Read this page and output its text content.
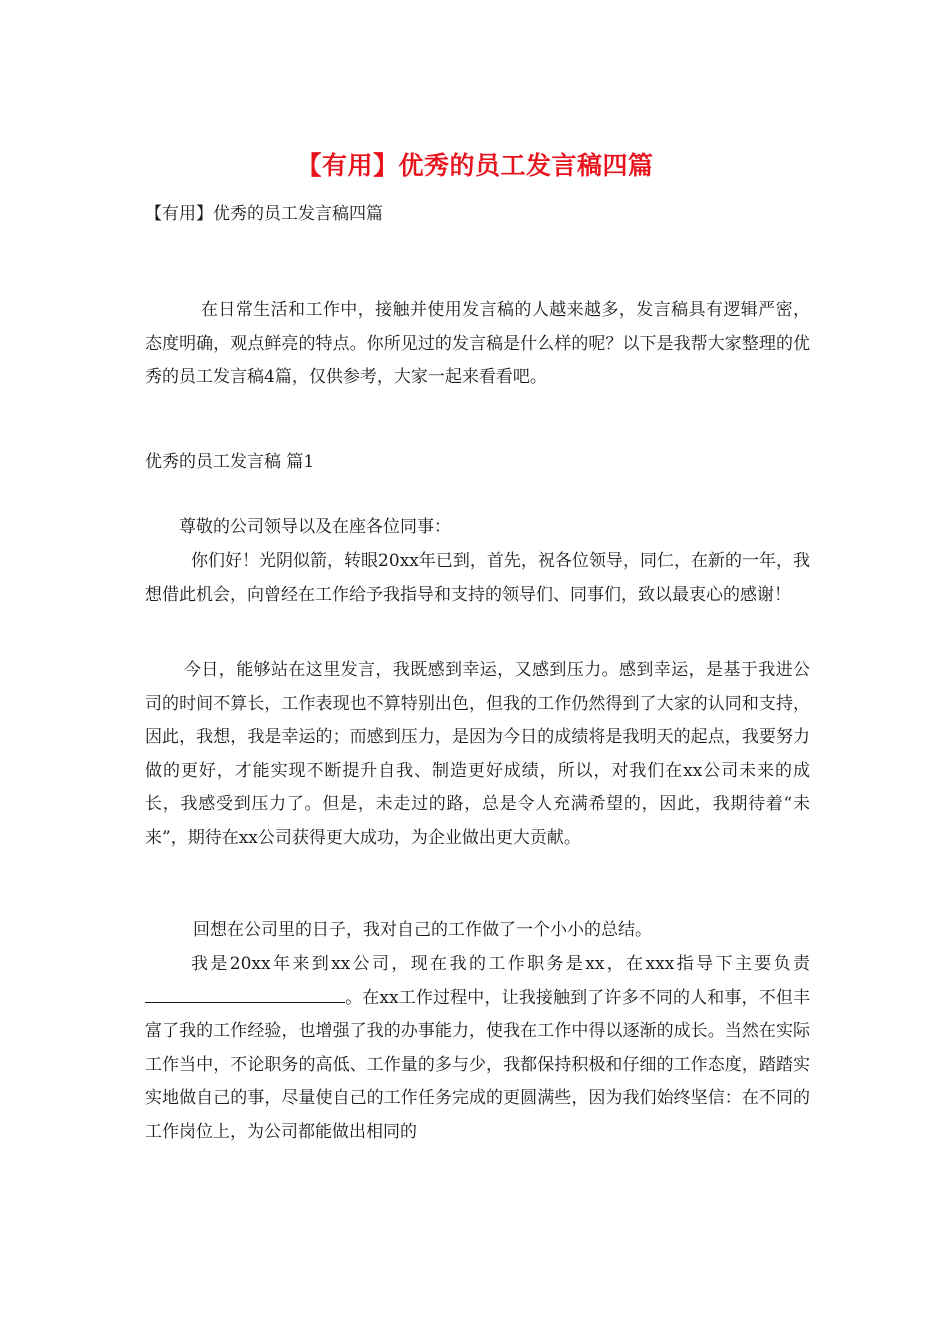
【有用】优秀的员工发言稿四篇
【有用】优秀的员工发言稿四篇
在日常生活和工作中，接触并使用发言稿的人越来越多，发言稿具有逻辑严密，态度明确，观点鲜亮的特点。你所见过的发言稿是什么样的呢？以下是我帮大家整理的优秀的员工发言稿4篇，仅供参考，大家一起来看看吧。
优秀的员工发言稿 篇1
尊敬的公司领导以及在座各位同事：
你们好！光阴似箭，转眼20xx年已到，首先，祝各位领导，同仁，在新的一年，我想借此机会，向曾经在工作给予我指导和支持的领导们、同事们，致以最衷心的感谢！
今日，能够站在这里发言，我既感到幸运，又感到压力。感到幸运，是基于我进公司的时间不算长，工作表现也不算特别出色，但我的工作仍然得到了大家的认同和支持，因此，我想，我是幸运的；而感到压力，是因为今日的成绩将是我明天的起点，我要努力做的更好，才能实现不断提升自我、制造更好成绩，所以，对我们在xx公司未来的成长，我感受到压力了。但是，未走过的路，总是令人充满希望的，因此，我期待着“未来”，期待在xx公司获得更大成功，为企业做出更大贡献。
回想在公司里的日子，我对自己的工作做了一个小小的总结。
我是20xx年来到xx公司，现在我的工作职务是xx，在xxx指导下主要负责。在xx工作过程中，让我接触到了许多不同的人和事，不但丰富了我的工作经验，也增强了我的办事能力，使我在工作中得以逐渐的成长。当然在实际工作当中，不论职务的高低、工作量的多与少，我都保持积极和仔细的工作态度，踏踏实实地做自己的事，尽量使自己的工作任务完成的更圆满些，因为我们始终坚信：在不同的工作岗位上，为公司都能做出相同的
